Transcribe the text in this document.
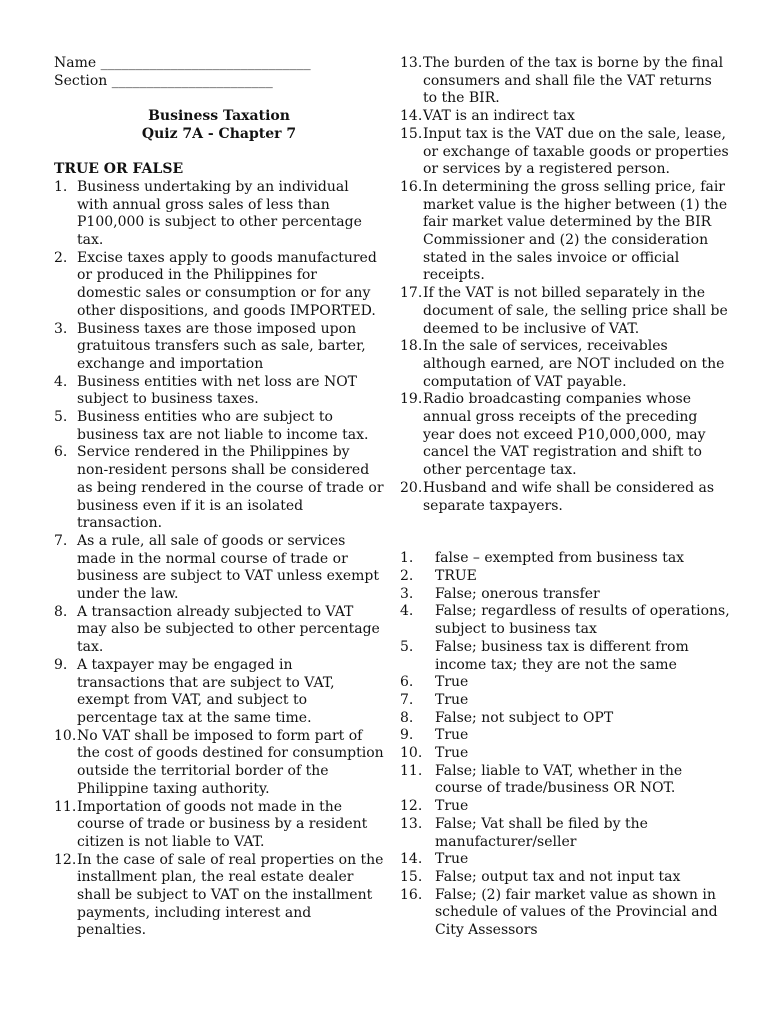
Name ______________________________
Section _______________________
Business Taxation
Quiz 7A - Chapter 7
TRUE OR FALSE
1. Business undertaking by an individual with annual gross sales of less than P100,000 is subject to other percentage tax.
2. Excise taxes apply to goods manufactured or produced in the Philippines for domestic sales or consumption or for any other dispositions, and goods IMPORTED.
3. Business taxes are those imposed upon gratuitous transfers such as sale, barter, exchange and importation
4. Business entities with net loss are NOT subject to business taxes.
5. Business entities who are subject to business tax are not liable to income tax.
6. Service rendered in the Philippines by non-resident persons shall be considered as being rendered in the course of trade or business even if it is an isolated transaction.
7. As a rule, all sale of goods or services made in the normal course of trade or business are subject to VAT unless exempt under the law.
8. A transaction already subjected to VAT may also be subjected to other percentage tax.
9. A taxpayer may be engaged in transactions that are subject to VAT, exempt from VAT, and subject to percentage tax at the same time.
10. No VAT shall be imposed to form part of the cost of goods destined for consumption outside the territorial border of the Philippine taxing authority.
11. Importation of goods not made in the course of trade or business by a resident citizen is not liable to VAT.
12. In the case of sale of real properties on the installment plan, the real estate dealer shall be subject to VAT on the installment payments, including interest and penalties.
13. The burden of the tax is borne by the final consumers and shall file the VAT returns to the BIR.
14. VAT is an indirect tax
15. Input tax is the VAT due on the sale, lease, or exchange of taxable goods or properties or services by a registered person.
16. In determining the gross selling price, fair market value is the higher between (1) the fair market value determined by the BIR Commissioner and (2) the consideration stated in the sales invoice or official receipts.
17. If the VAT is not billed separately in the document of sale, the selling price shall be deemed to be inclusive of VAT.
18. In the sale of services, receivables although earned, are NOT included on the computation of VAT payable.
19. Radio broadcasting companies whose annual gross receipts of the preceding year does not exceed P10,000,000, may cancel the VAT registration and shift to other percentage tax.
20. Husband and wife shall be considered as separate taxpayers.
1.	false – exempted from business tax
2.	TRUE
3.	False; onerous transfer
4.	False; regardless of results of operations, subject to business tax
5.	False; business tax is different from income tax; they are not the same
6.	True
7.	True
8.	False; not subject to OPT
9.	True
10. True
11. False; liable to VAT, whether in the course of trade/business OR NOT.
12. True
13. False; Vat shall be filed by the manufacturer/seller
14. True
15. False; output tax and not input tax
16. False; (2) fair market value as shown in schedule of values of the Provincial and City Assessors
